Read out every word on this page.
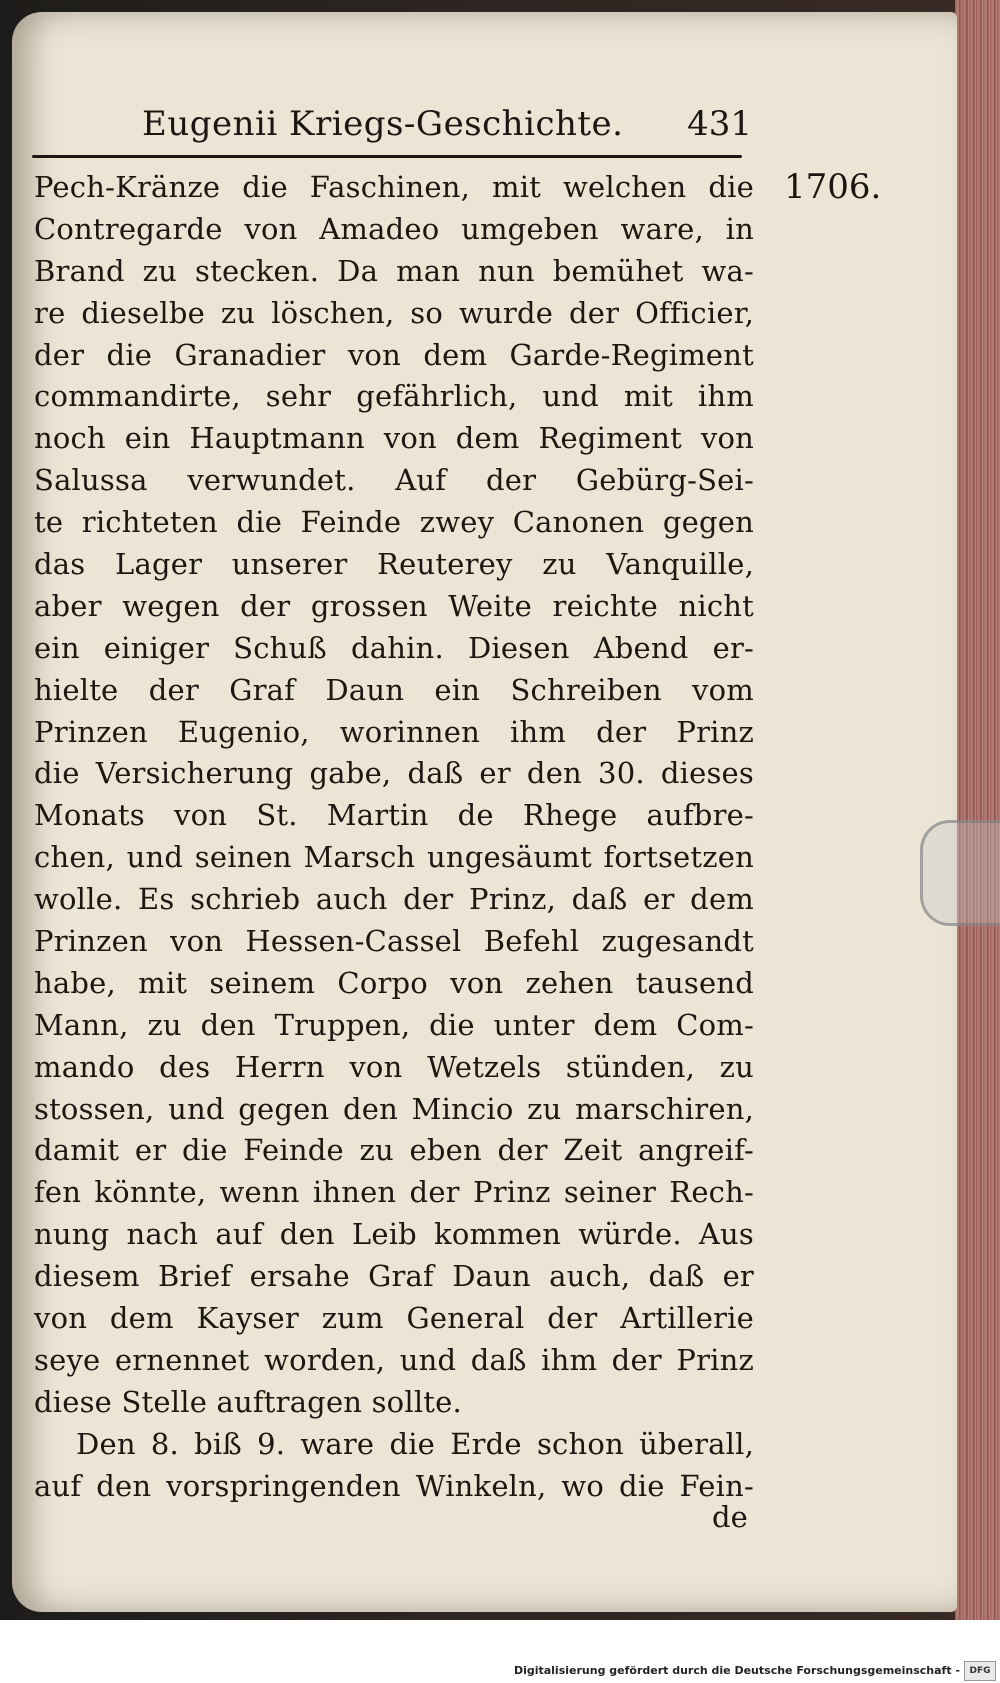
Eugenii Kriegs-Geschichte. 431
1706.
Pech-Kränze die Faschinen, mit welchen die
Contregarde von Amadeo umgeben ware, in
Brand zu stecken. Da man nun bemühet wa-
re dieselbe zu löschen, so wurde der Officier,
der die Granadier von dem Garde-Regiment
commandirte, sehr gefährlich, und mit ihm
noch ein Hauptmann von dem Regiment von
Salussa verwundet. Auf der Gebürg-Sei-
te richteten die Feinde zwey Canonen gegen
das Lager unserer Reuterey zu Vanquille,
aber wegen der grossen Weite reichte nicht
ein einiger Schuß dahin. Diesen Abend er-
hielte der Graf Daun ein Schreiben vom
Prinzen Eugenio, worinnen ihm der Prinz
die Versicherung gabe, daß er den 30. dieses
Monats von St. Martin de Rhege aufbre-
chen, und seinen Marsch ungesäumt fortsetzen
wolle. Es schrieb auch der Prinz, daß er dem
Prinzen von Hessen-Cassel Befehl zugesandt
habe, mit seinem Corpo von zehen tausend
Mann, zu den Truppen, die unter dem Com-
mando des Herrn von Wetzels stünden, zu
stossen, und gegen den Mincio zu marschiren,
damit er die Feinde zu eben der Zeit angreif-
fen könnte, wenn ihnen der Prinz seiner Rech-
nung nach auf den Leib kommen würde. Aus
diesem Brief ersahe Graf Daun auch, daß er
von dem Kayser zum General der Artillerie
seye ernennet worden, und daß ihm der Prinz
diese Stelle auftragen sollte.
Den 8. biß 9. ware die Erde schon überall,
auf den vorspringenden Winkeln, wo die Fein-
de
Digitalisierung gefördert durch die Deutsche Forschungsgemeinschaft -	DFG
